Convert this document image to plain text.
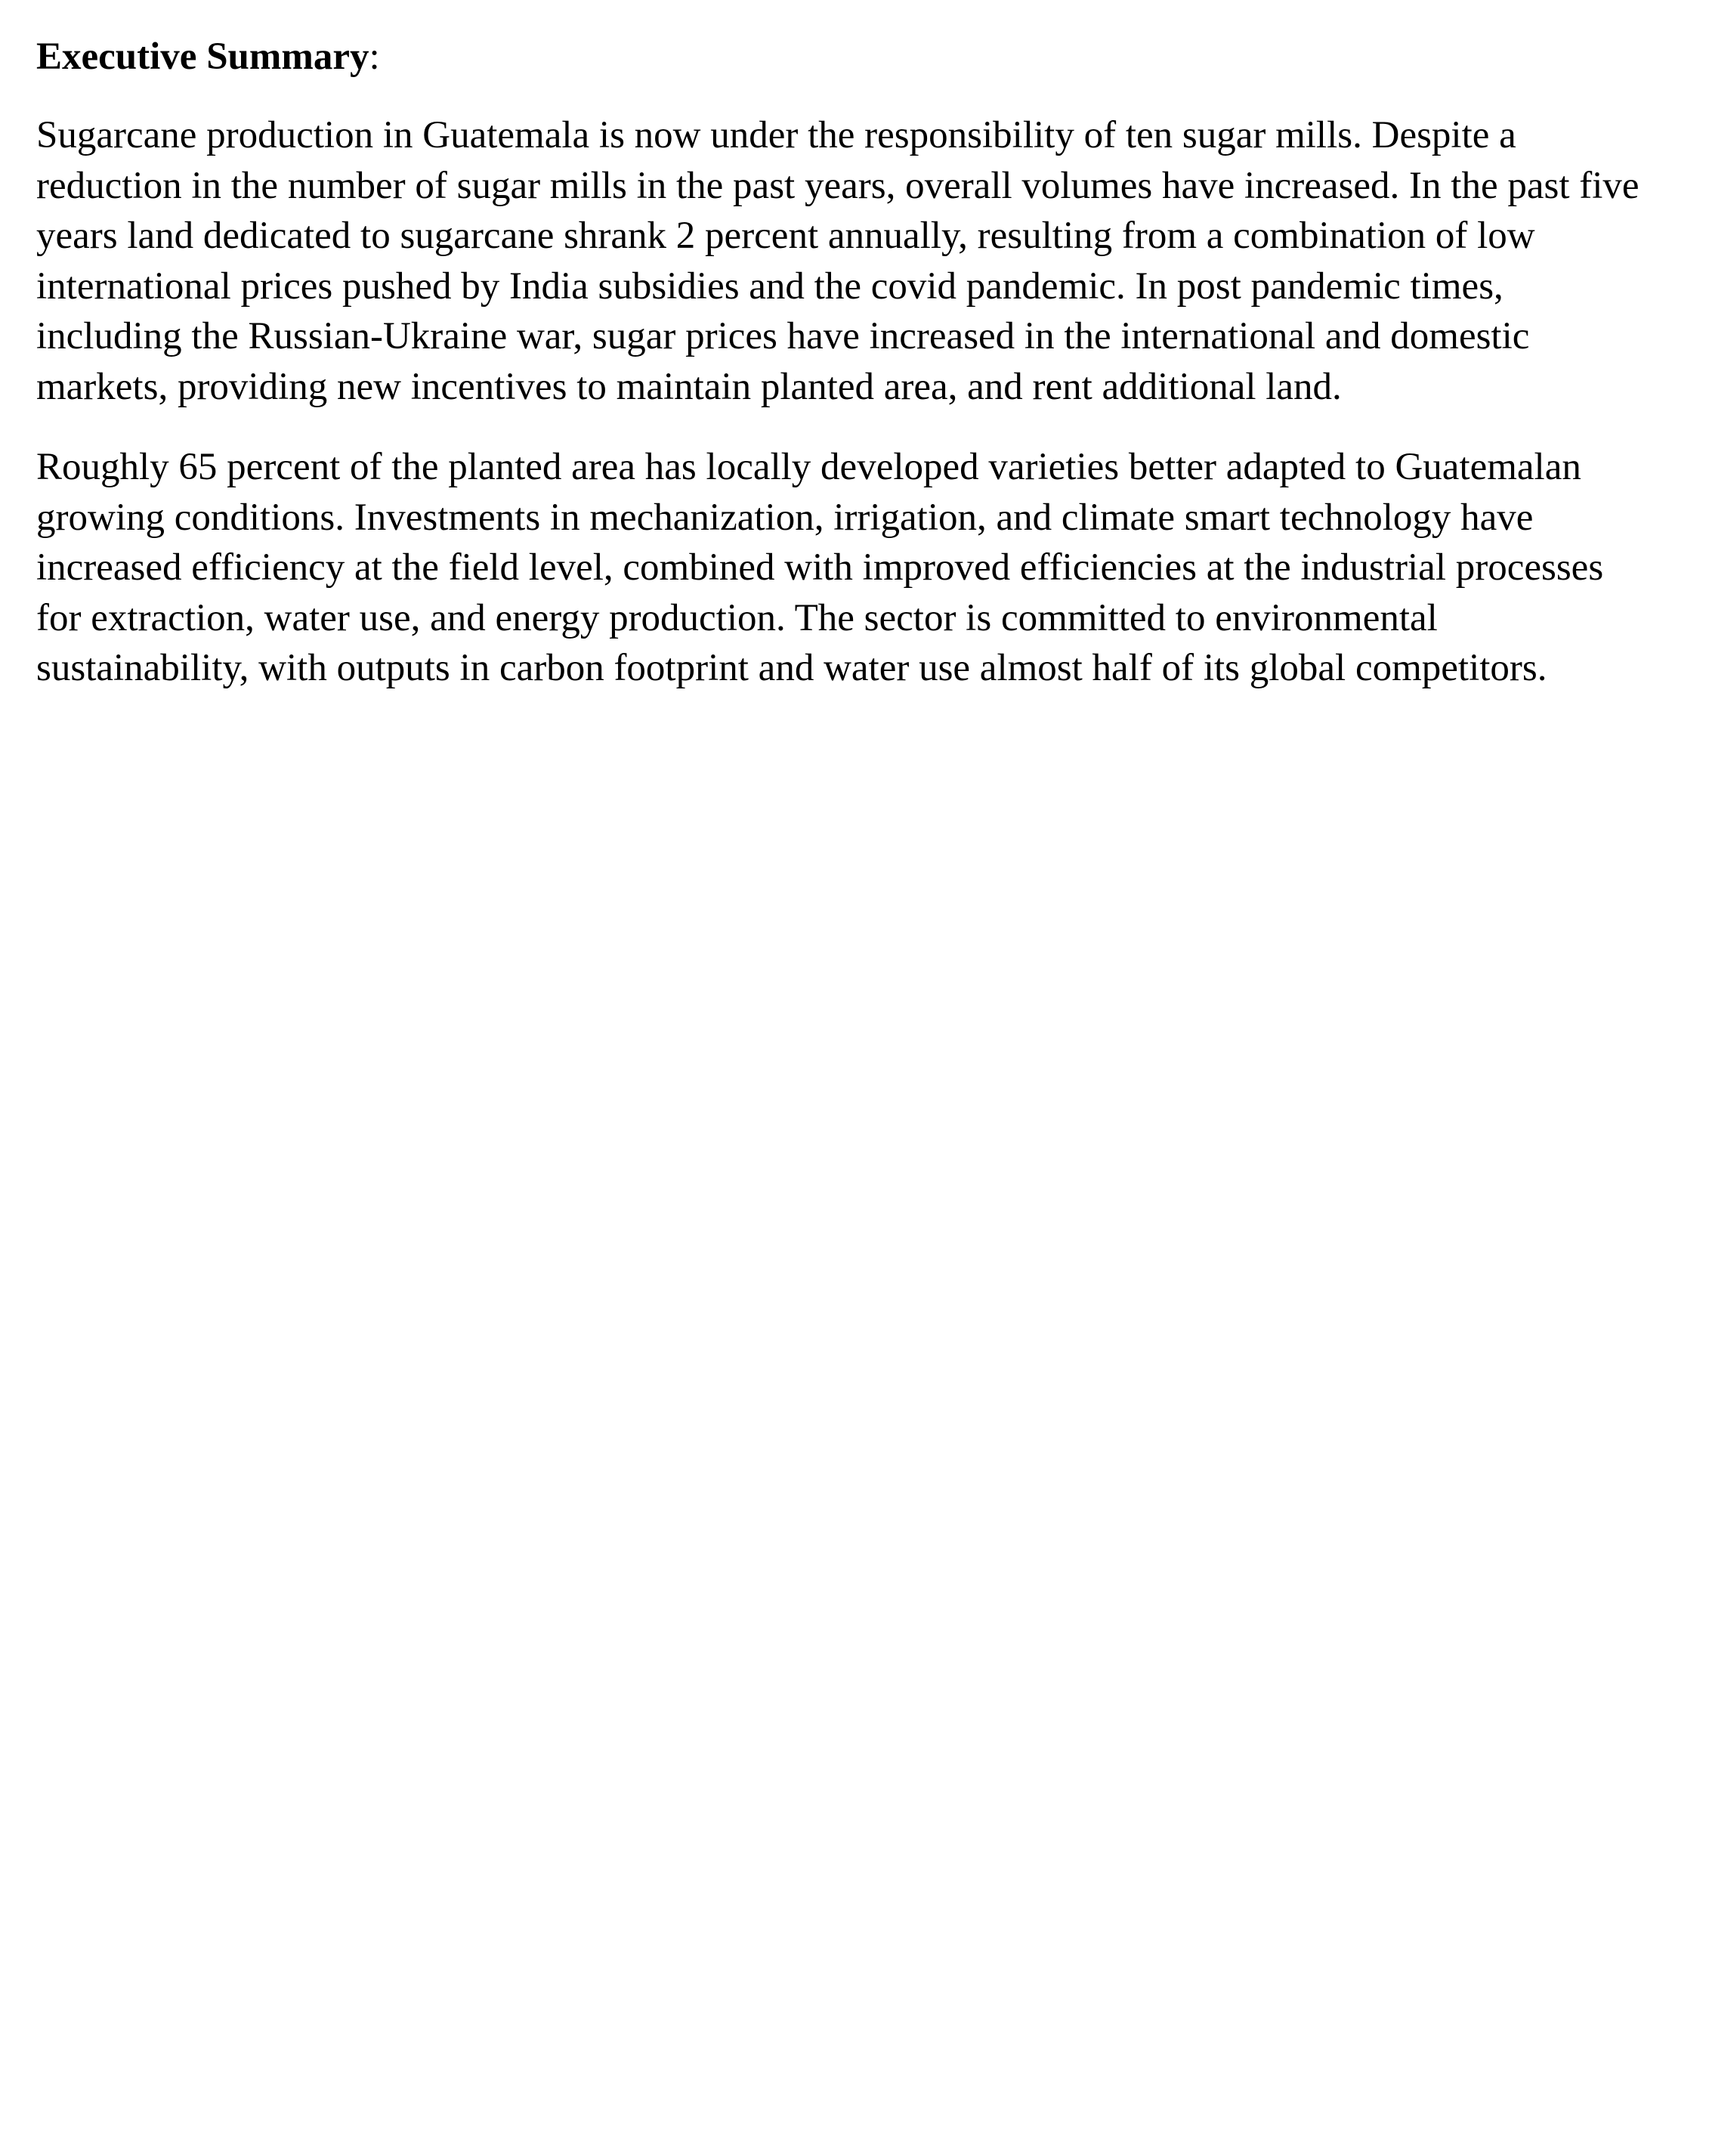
Executive Summary:

Sugarcane production in Guatemala is now under the responsibility of ten sugar mills. Despite a
reduction in the number of sugar mills in the past years, overall volumes have increased. In the past five
years land dedicated to sugarcane shrank 2 percent annually, resulting from a combination of low
international prices pushed by India subsidies and the covid pandemic. In post pandemic times,
including the Russian-Ukraine war, sugar prices have increased in the international and domestic
markets, providing new incentives to maintain planted area, and rent additional land.

Roughly 65 percent of the planted area has locally developed varieties better adapted to Guatemalan
growing conditions. Investments in mechanization, irrigation, and climate smart technology have
increased efficiency at the field level, combined with improved efficiencies at the industrial processes
for extraction, water use, and energy production. The sector is committed to environmental
sustainability, with outputs in carbon footprint and water use almost half of its global competitors.
